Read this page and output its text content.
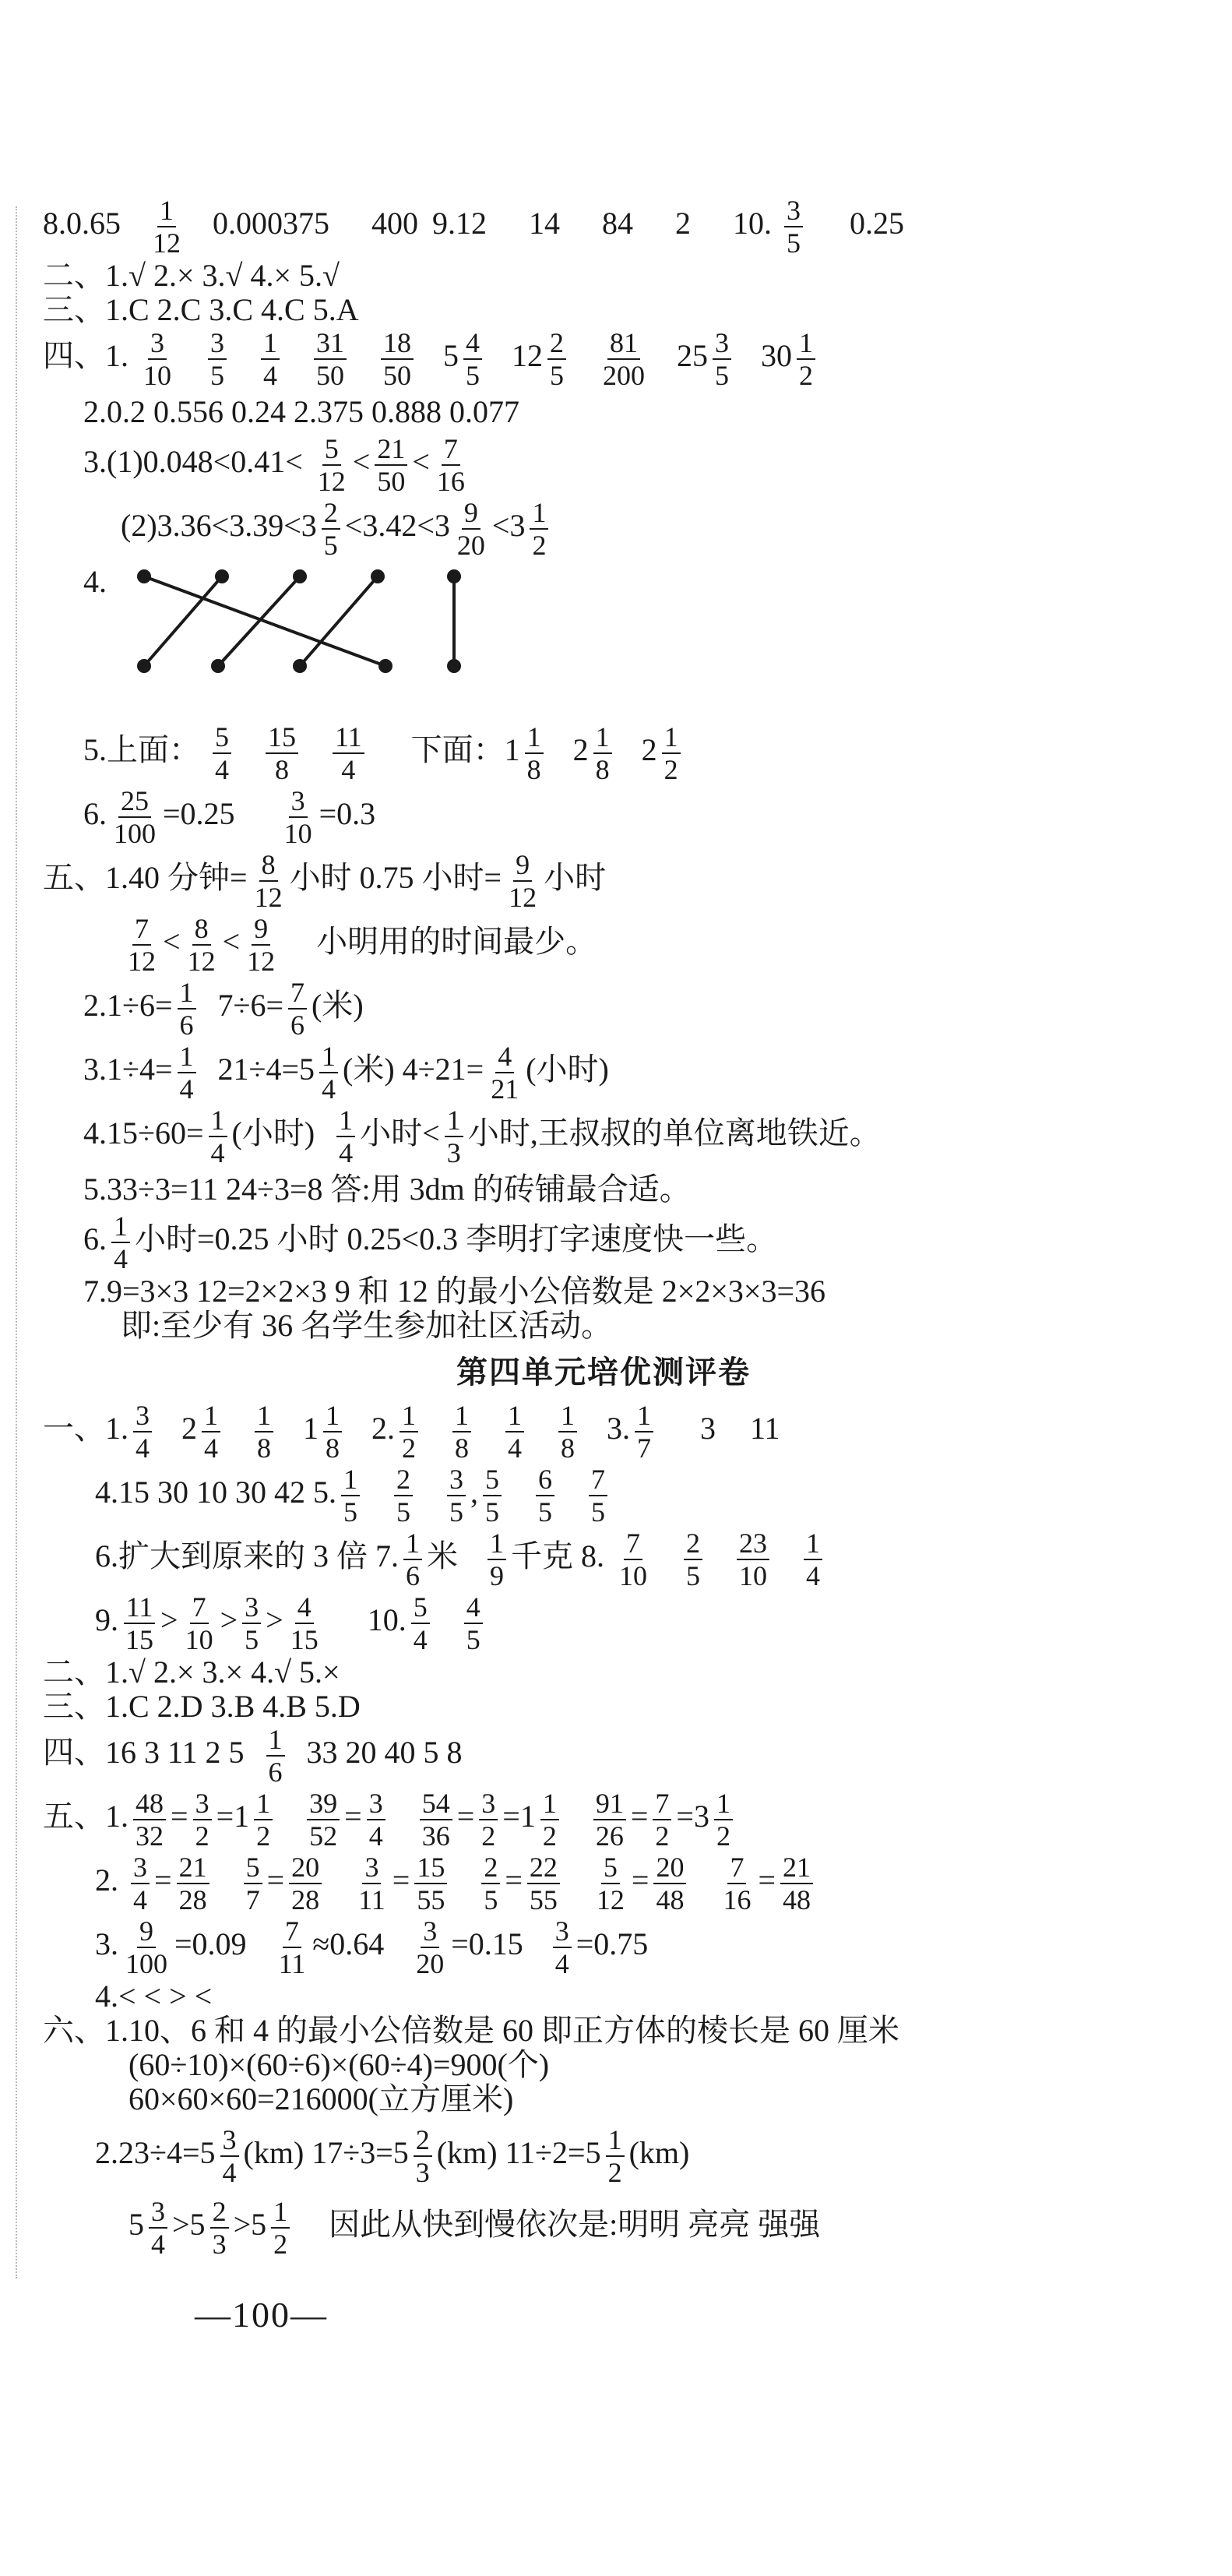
$8.0.65 \frac{1}{12} 0.000375$ 400 9.12 14 84 2 10. $\frac{3}{5} 0.25$
二、1.√ 2.× 3.√ 4.× 5.√
三、1.C 2.C 3.C 4.C 5.A
四、1. $\frac{3}{10}$
$\frac{3}{5}$
$\frac{1}{4}$
$\frac{31}{50}$
$\frac{18}{50} 5 \frac{4}{5} 12 \frac{2}{5}$
$\frac{81}{200} 25 \frac{3}{5} 30 \frac{1}{2}$
2.0.2 0.556 0.24 2.375 0.888 0.077
$3.(1)0.048<0.41< \frac{5}{12} < \frac{21}{50} < \frac{7}{16}$
$(2)3.36<3.39<3 \frac{2}{5} <3.42<3 \frac{9}{20} <3 \frac{1}{2}$
4.
5.上面： $\frac{5}{4}$
$\frac{15}{8}$
$\frac{11}{4}$ 下面：$1 \frac{1}{8} 2 \frac{1}{8} 2 \frac{1}{2}$
6. $\frac{25}{100} =0.25 \frac{3}{10} =0.3$
五、1.40 分钟= $\frac{8}{12}$ 小时 0.75 小时= $\frac{9}{12}$ 小时
$\frac{7}{12} < \frac{8}{12} < \frac{9}{12}$ 小明用的时间最少。
$2.1\div 6= \frac{1}{6} 7\div 6= \frac{7}{6}$ (米)
$3.1\div 4= \frac{1}{4} 21\div 4=5 \frac{1}{4}$ (米) $4\div 21= \frac{4}{21}$ (小时)
$4.15\div 60= \frac{1}{4}$ (小时) $\frac{1}{4}$ 小时< $\frac{1}{3}$ 小时,王叔叔的单位离地铁近。
5.33÷3=11 24÷3=8 答:用 3dm 的砖铺最合适。
6. $\frac{1}{4}$ 小时=0.25 小时 0.25<0.3 李明打字速度快一些。
7.9=3×3 12=2×2×3 9 和 12 的最小公倍数是 2×2×3×3=36
即:至少有 36 名学生参加社区活动。
第四单元培优测评卷
一、1. $\frac{3}{4} 2 \frac{1}{4}$
$\frac{1}{8} 1 \frac{1}{8} 2$. $\frac{1}{2}$
$\frac{1}{8}$
$\frac{1}{4}$
$\frac{1}{8} 3$. $\frac{1}{7} 3$ 11
4.15 30 10 30 42 5. $\frac{1}{5}$
$\frac{2}{5}$
$\frac{3}{5}$ , $\frac{5}{5}$
$\frac{6}{5}$
$\frac{7}{5}$
6.扩大到原来的 3 倍 7. $\frac{1}{6}$ 米 $\frac{1}{9}$ 千克 8. $\frac{7}{10}$
$\frac{2}{5}$
$\frac{23}{10}$
$\frac{1}{4}$
9. $\frac{11}{15} > \frac{7}{10} > \frac{3}{5} > \frac{4}{15} 10$. $\frac{5}{4}$
$\frac{4}{5}$
二、1.√ 2.× 3.× 4.√ 5.×
三、1.C 2.D 3.B 4.B 5.D
四、16 3 11 2 $5 \frac{1}{6} 33$ 20 40 5 8
五、1. $\frac{48}{32} = \frac{3}{2} =1 \frac{1}{2}$
$\frac{39}{52} = \frac{3}{4}$
$\frac{54}{36} = \frac{3}{2} =1 \frac{1}{2}$
$\frac{91}{26} = \frac{7}{2} =3 \frac{1}{2}$
2. $\frac{3}{4} = \frac{21}{28}$
$\frac{5}{7} = \frac{20}{28}$
$\frac{3}{11} = \frac{15}{55}$
$\frac{2}{5} = \frac{22}{55}$
$\frac{5}{12} = \frac{20}{48}$
$\frac{7}{16} = \frac{21}{48}$
3. $\frac{9}{100} =0.09 \frac{7}{11} \approx 0.64 \frac{3}{20} =0.15 \frac{3}{4} =0.75$
4.< < > <
六、1.10、6 和 4 的最小公倍数是 60 即正方体的棱长是 60 厘米
(60÷10)×(60÷6)×(60÷4)=900(个)
60×60×60=216000(立方厘米)
$2.23\div 4=5 \frac{3}{4} (km)$ $17\div 3=5 \frac{2}{3} (km)$ $11\div 2=5 \frac{1}{2} (km)$
$5 \frac{3}{4} >5 \frac{2}{3} >5 \frac{1}{2}$ 因此从快到慢依次是:明明 亮亮 强强
—100—
